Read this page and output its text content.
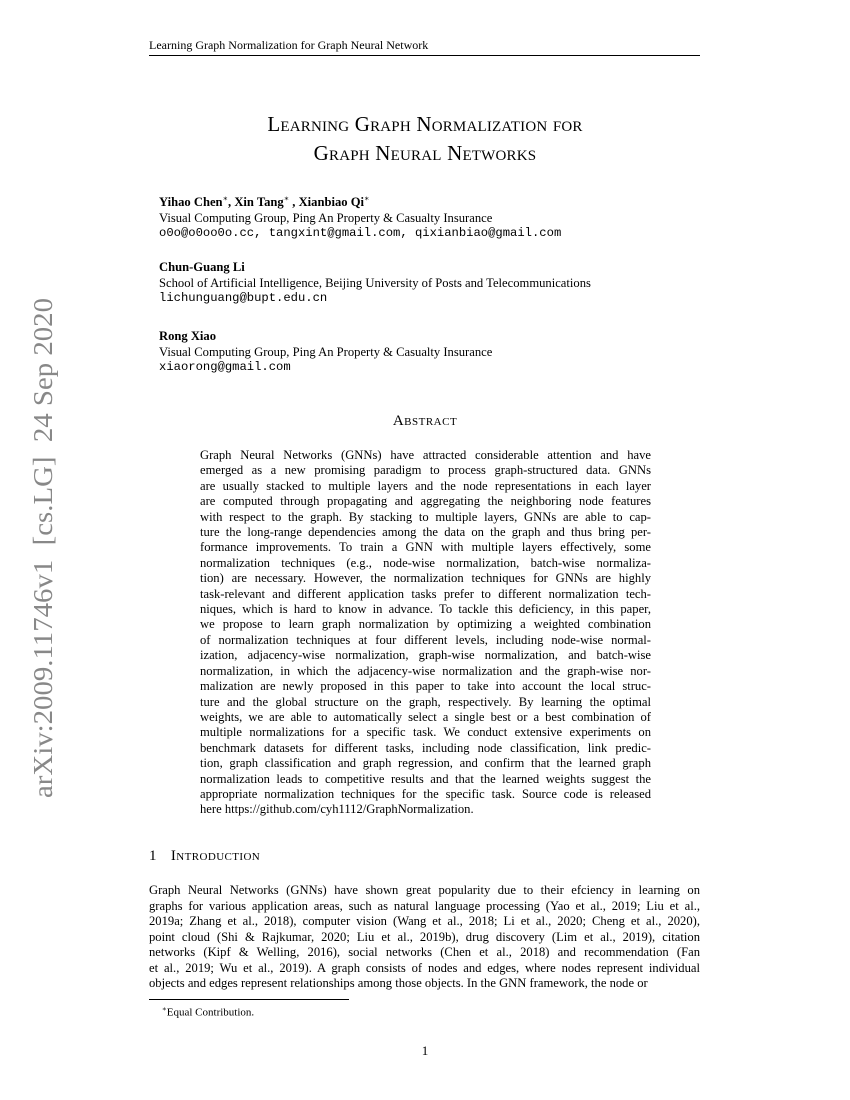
Learning Graph Normalization for Graph Neural Network
arXiv:2009.11746v1  [cs.LG]  24 Sep 2020
Learning Graph Normalization for
Graph Neural Networks
Yihao Chen∗, Xin Tang∗ , Xianbiao Qi∗
Visual Computing Group, Ping An Property & Casualty Insurance
o0o@o0oo0o.cc, tangxint@gmail.com, qixianbiao@gmail.com
Chun-Guang Li
School of Artificial Intelligence, Beijing University of Posts and Telecommunications
lichunguang@bupt.edu.cn
Rong Xiao
Visual Computing Group, Ping An Property & Casualty Insurance
xiaorong@gmail.com
Abstract
Graph Neural Networks (GNNs) have attracted considerable attention and have
emerged as a new promising paradigm to process graph-structured data. GNNs
are usually stacked to multiple layers and the node representations in each layer
are computed through propagating and aggregating the neighboring node features
with respect to the graph. By stacking to multiple layers, GNNs are able to cap-
ture the long-range dependencies among the data on the graph and thus bring per-
formance improvements. To train a GNN with multiple layers effectively, some
normalization techniques (e.g., node-wise normalization, batch-wise normaliza-
tion) are necessary. However, the normalization techniques for GNNs are highly
task-relevant and different application tasks prefer to different normalization tech-
niques, which is hard to know in advance. To tackle this deficiency, in this paper,
we propose to learn graph normalization by optimizing a weighted combination
of normalization techniques at four different levels, including node-wise normal-
ization, adjacency-wise normalization, graph-wise normalization, and batch-wise
normalization, in which the adjacency-wise normalization and the graph-wise nor-
malization are newly proposed in this paper to take into account the local struc-
ture and the global structure on the graph, respectively. By learning the optimal
weights, we are able to automatically select a single best or a best combination of
multiple normalizations for a specific task. We conduct extensive experiments on
benchmark datasets for different tasks, including node classification, link predic-
tion, graph classification and graph regression, and confirm that the learned graph
normalization leads to competitive results and that the learned weights suggest the
appropriate normalization techniques for the specific task. Source code is released
here https://github.com/cyh1112/GraphNormalization.
1 Introduction
Graph Neural Networks (GNNs) have shown great popularity due to their efciency in learning on
graphs for various application areas, such as natural language processing (Yao et al., 2019; Liu et al.,
2019a; Zhang et al., 2018), computer vision (Wang et al., 2018; Li et al., 2020; Cheng et al., 2020),
point cloud (Shi & Rajkumar, 2020; Liu et al., 2019b), drug discovery (Lim et al., 2019), citation
networks (Kipf & Welling, 2016), social networks (Chen et al., 2018) and recommendation (Fan
et al., 2019; Wu et al., 2019). A graph consists of nodes and edges, where nodes represent individual
objects and edges represent relationships among those objects. In the GNN framework, the node or
∗Equal Contribution.
1
